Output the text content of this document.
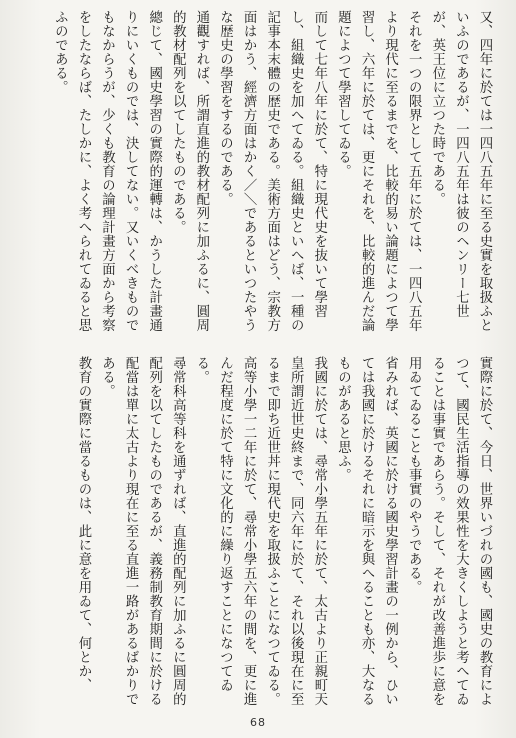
又、四年に於ては一四八五年に至る史實を取扱ふといふのであるが、一四八五年は彼のヘンリー七世が、英王位に立つた時である。

それを一つの限界として五年に於ては、一四八五年より現代に至るまでを、比較的易い論題によつて學習し、六年に於ては、更にそれを、比較的進んだ論題によつて學習してゐる。

而して七年八年に於て、特に現代史を抜いて學習し、組織史を加へてゐる。組織史といへば、一種の記事本末體の歴史である。美術方面はどう、宗教方面はかう、經濟方面はかく／＼であるといつたやうな歴史の學習をするのである。

通觀すれば、所謂直進的教材配列に加ふるに、圓周的教材配列を以てしたものである。

總じて、國史學習の實際的運轉は、かうした計畫通りにいくものでは、決してない。又いくべきものでもなからうが、少くも教育の論理計畫方面から考察をしたならば、たしかに、よく考へられてゐると思ふのである。

實際に於て、今日、世界いづれの國も、國史の教育によつて、國民生活指導の效果性を大きくしようと考へてゐることは事實であらう。そして、それが改善進歩に意を用ゐてゐることも事實のやうである。

省みれば、英國に於ける國史學習計畫の一例から、ひいては我國に於けるそれに暗示を與へることも亦、大なるものがあると思ふ。

我國に於ては、尋常小學五年に於て、太古より正親町天皇所謂近世史終まで、同六年に於て、それ以後現在に至るまで即ち近世丼に現代史を取扱ふことになつてゐる。高等小學一二年に於て、尋常小學五六年の間を、更に進んだ程度に於て特に文化的に繰り返すことになつてゐる。

尋常科高等科を通ずれば、直進的配列に加ふるに圓周的配列を以てしたものであるが、義務制教育期間に於ける配當は單に太古より現在に至る直進一路があるばかりである。

教育の實際に當るものは、此に意を用ゐて、何とか、

68
